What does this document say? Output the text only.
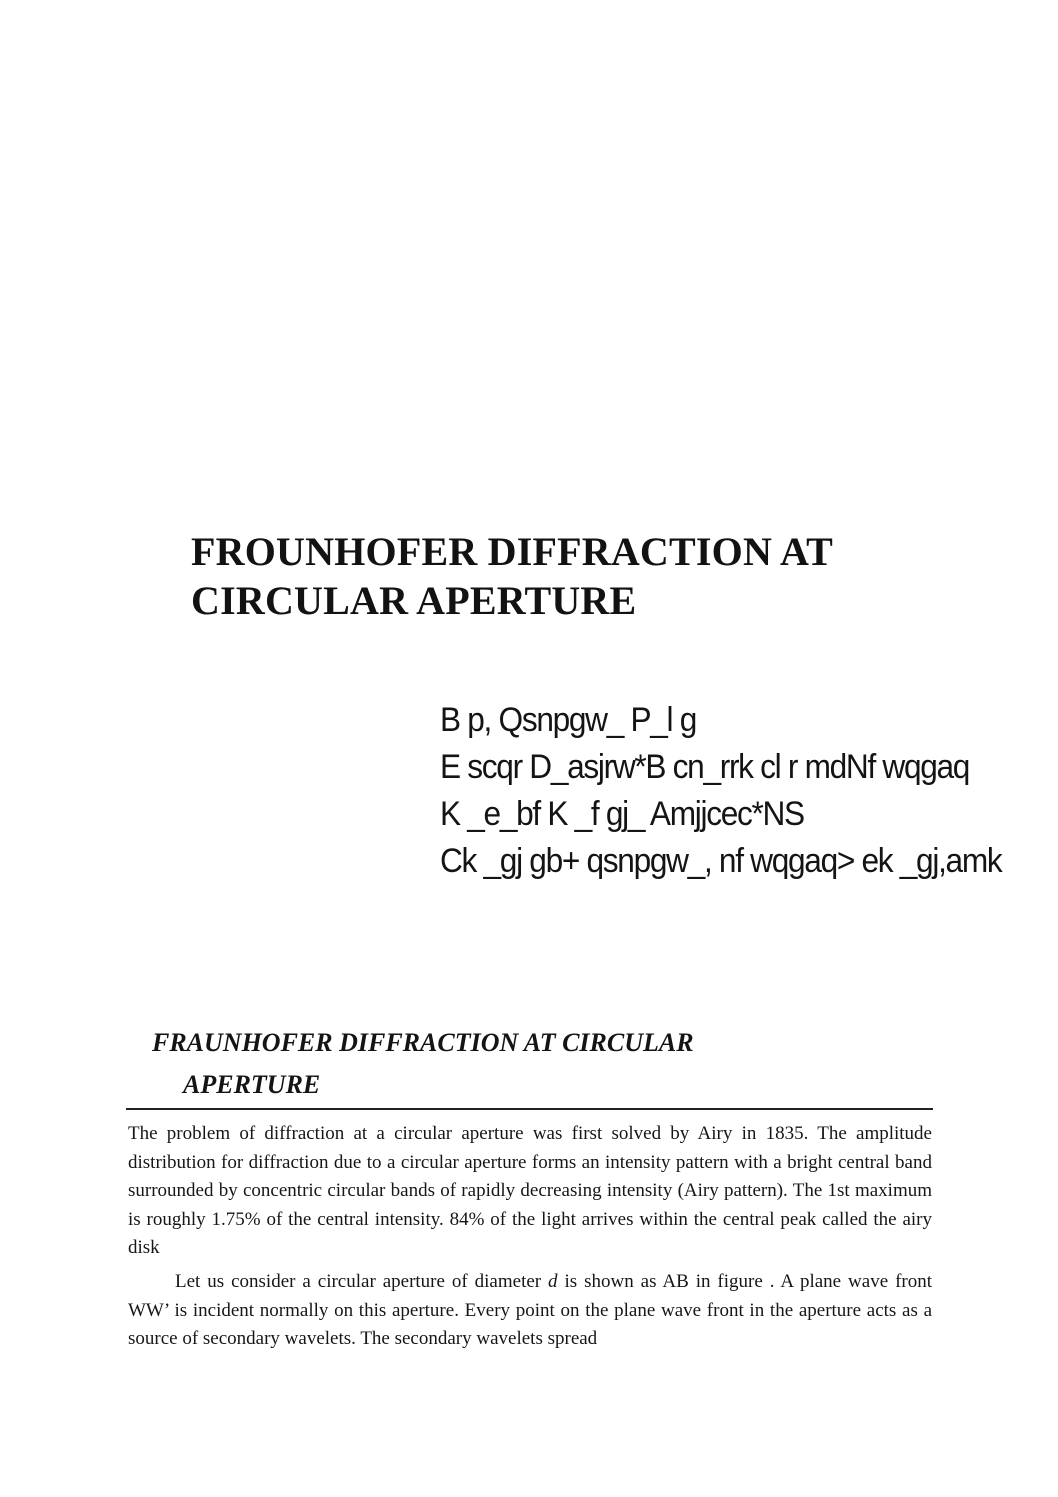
FROUNHOFER DIFFRACTION AT
CIRCULAR APERTURE
B p, Qsnpgw_ P_l g
E scqr D_asjrw*B cn_rrk cl r mdNf wqgaq
K _e_bf K _f gj_ Amjjcec*NS
Ck _gj gb+ qsnpgw_, nf wqgaq> ek _gj,amk
FRAUNHOFER DIFFRACTION AT CIRCULAR
APERTURE

The problem of diffraction at a circular aperture was first solved by Airy in 1835. The amplitude distribution for diffraction due to a circular aperture forms an intensity pattern with a bright central band surrounded by concentric circular bands of rapidly decreasing intensity (Airy pattern). The 1st maximum is roughly 1.75% of the central intensity. 84% of the light arrives within the central peak called the airy disk

Let us consider a circular aperture of diameter d is shown as AB in figure . A plane wave front WW’ is incident normally on this aperture. Every point on the plane wave front in the aperture acts as a source of secondary wavelets. The secondary wavelets spread
